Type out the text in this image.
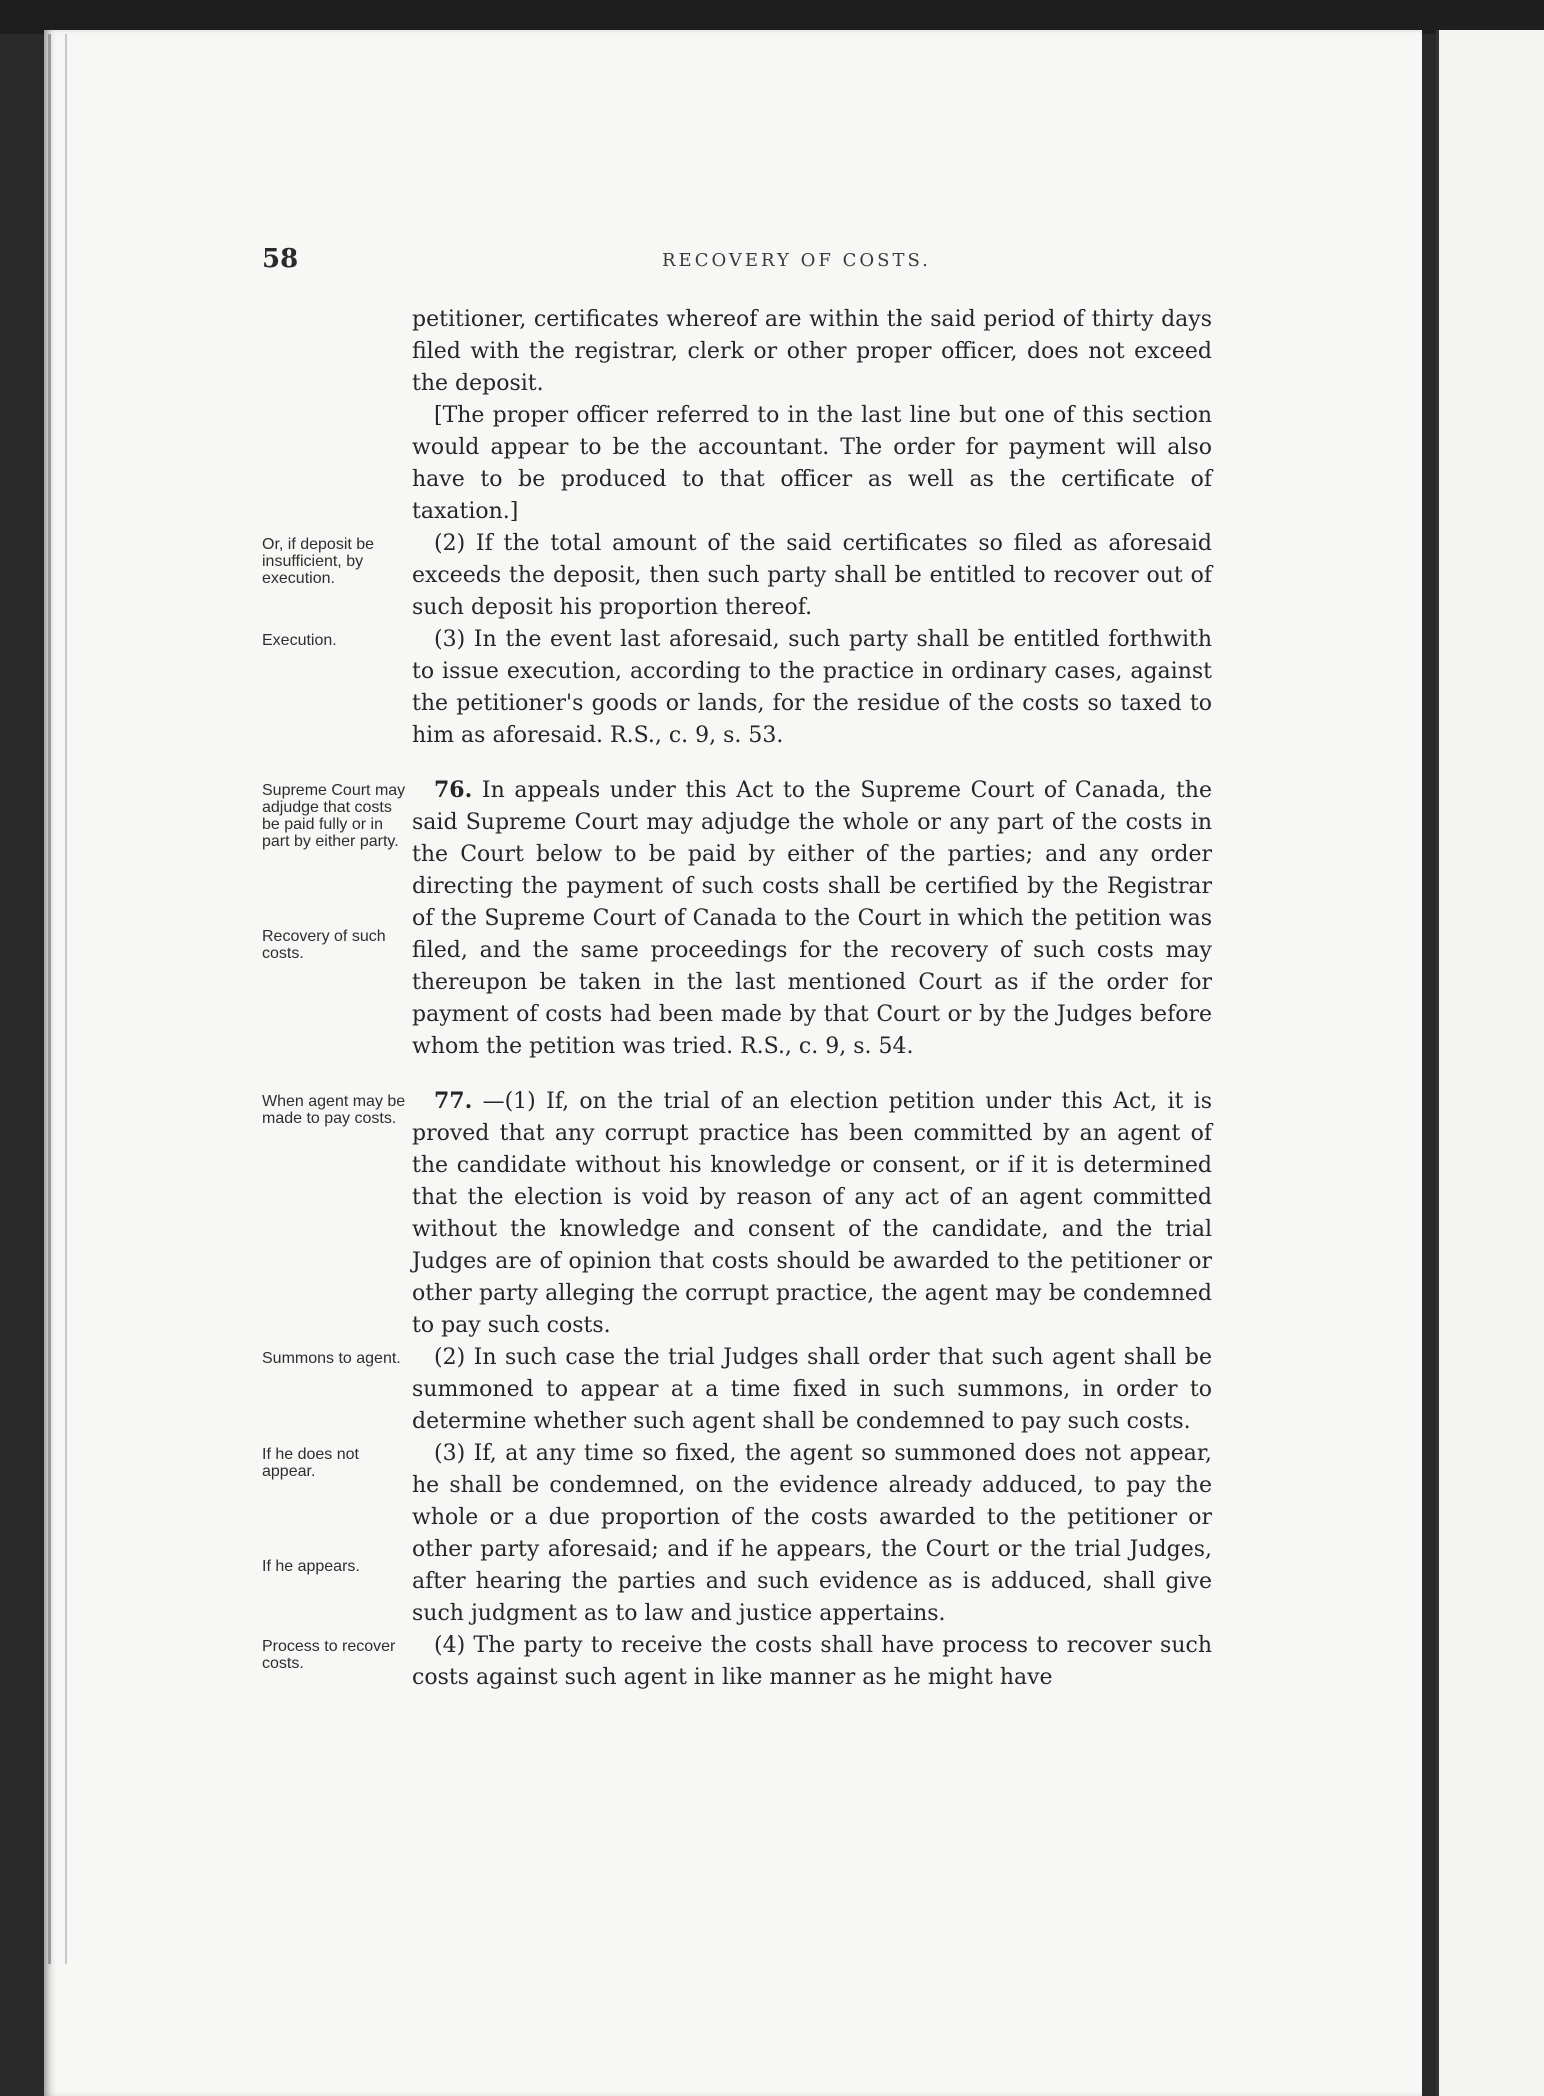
58	RECOVERY OF COSTS.

petitioner, certificates whereof are within the said period of thirty days filed with the registrar, clerk or other proper officer, does not exceed the deposit.

[The proper officer referred to in the last line but one of this section would appear to be the accountant. The order for payment will also have to be produced to that officer as well as the certificate of taxation.]

Or, if deposit be insufficient, by execution.

(2) If the total amount of the said certificates so filed as aforesaid exceeds the deposit, then such party shall be entitled to recover out of such deposit his proportion thereof.

Execution.	(3) In the event last aforesaid, such party shall be entitled forthwith to issue execution, according to the practice in ordinary cases, against the petitioner's goods or lands, for the residue of the costs so taxed to him as aforesaid. R.S., c. 9, s. 53.

Supreme Court may adjudge that costs be paid fully or in part by either party.
Recovery of such costs.

76. In appeals under this Act to the Supreme Court of Canada, the said Supreme Court may adjudge the whole or any part of the costs in the Court below to be paid by either of the parties; and any order directing the payment of such costs shall be certified by the Registrar of the Supreme Court of Canada to the Court in which the petition was filed, and the same proceedings for the recovery of such costs may thereupon be taken in the last mentioned Court as if the order for payment of costs had been made by that Court or by the Judges before whom the petition was tried. R.S., c. 9, s. 54.

When agent may be made to pay costs.

77. —(1) If, on the trial of an election petition under this Act, it is proved that any corrupt practice has been committed by an agent of the candidate without his knowledge or consent, or if it is determined that the election is void by reason of any act of an agent committed without the knowledge and consent of the candidate, and the trial Judges are of opinion that costs should be awarded to the petitioner or other party alleging the corrupt practice, the agent may be condemned to pay such costs.

Summons to agent.	(2) In such case the trial Judges shall order that such agent shall be summoned to appear at a time fixed in such summons, in order to determine whether such agent shall be condemned to pay such costs.

If he does not appear.
If he appears.

(3) If, at any time so fixed, the agent so summoned does not appear, he shall be condemned, on the evidence already adduced, to pay the whole or a due proportion of the costs awarded to the petitioner or other party aforesaid; and if he appears, the Court or the trial Judges, after hearing the parties and such evidence as is adduced, shall give such judgment as to law and justice appertains.

Process to recover costs.

(4) The party to receive the costs shall have process to recover such costs against such agent in like manner as he might have
